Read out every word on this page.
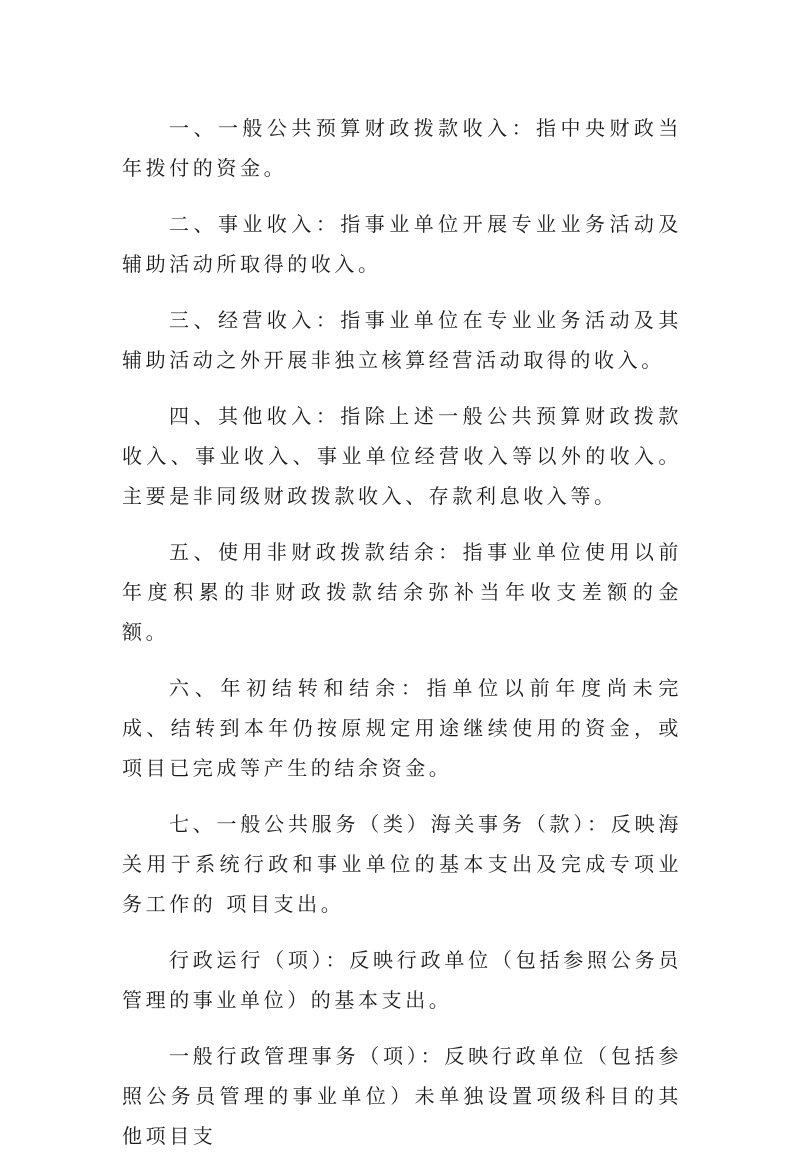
一、一般公共预算财政拨款收入：指中央财政当年拨付的资金。

二、事业收入：指事业单位开展专业业务活动及辅助活动所取得的收入。

三、经营收入：指事业单位在专业业务活动及其辅助活动之外开展非独立核算经营活动取得的收入。

四、其他收入：指除上述一般公共预算财政拨款收入、事业收入、事业单位经营收入等以外的收入。主要是非同级财政拨款收入、存款利息收入等。

五、使用非财政拨款结余：指事业单位使用以前年度积累的非财政拨款结余弥补当年收支差额的金额。

六、年初结转和结余：指单位以前年度尚未完成、结转到本年仍按原规定用途继续使用的资金，或项目已完成等产生的结余资金。

七、一般公共服务（类）海关事务（款）：反映海关用于系统行政和事业单位的基本支出及完成专项业务工作的 项目支出。

行政运行（项）：反映行政单位（包括参照公务员管理的事业单位）的基本支出。

一般行政管理事务（项）：反映行政单位（包括参照公务员管理的事业单位）未单独设置项级科目的其他项目支
